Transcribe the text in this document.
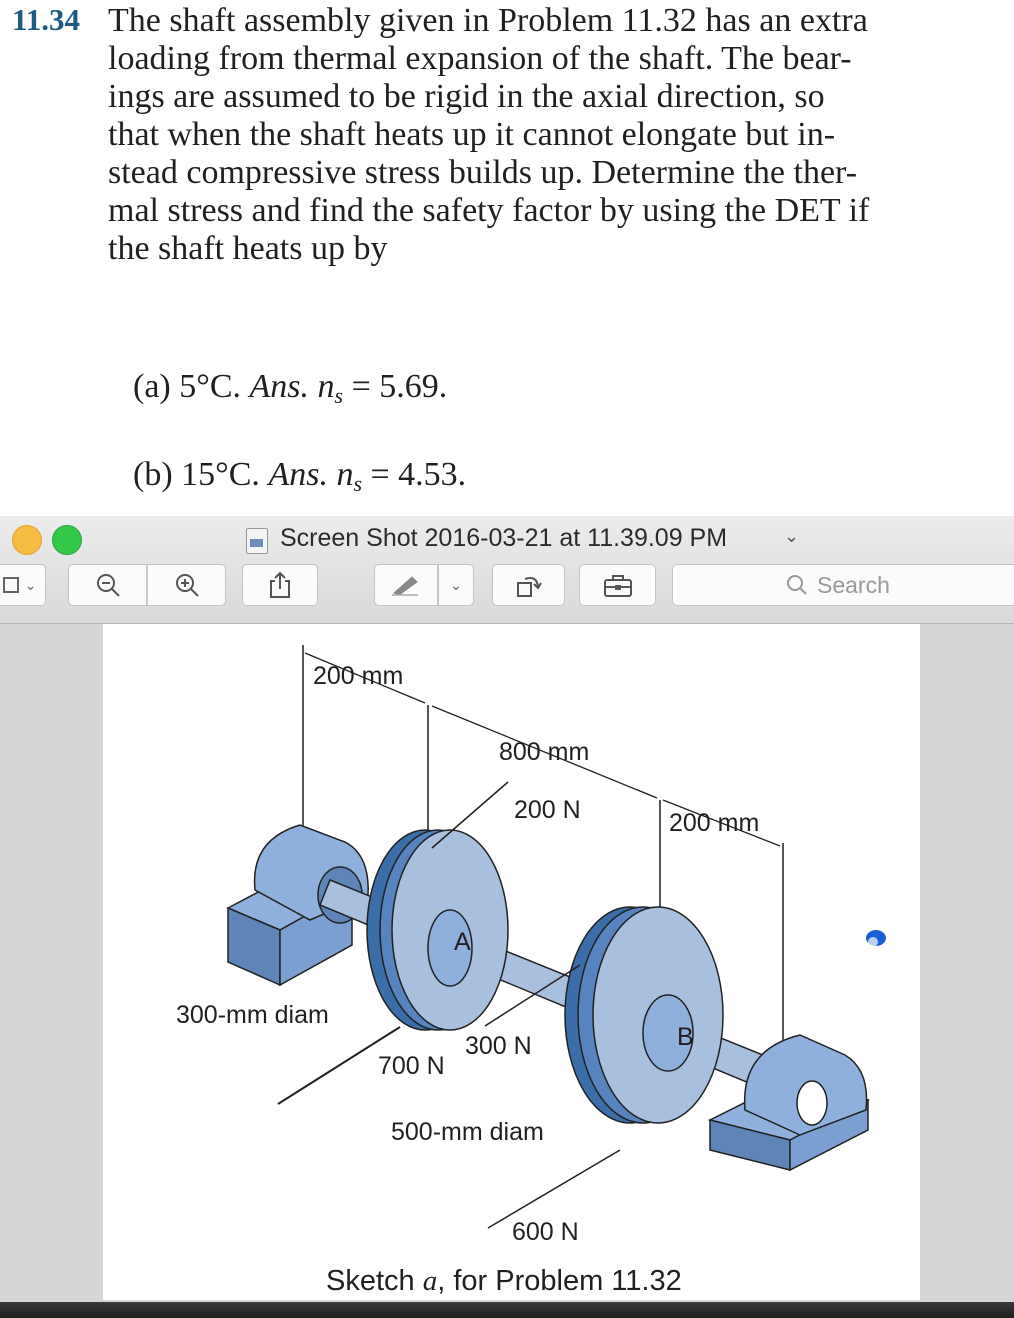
11.34 The shaft assembly given in Problem 11.32 has an extra
loading from thermal expansion of the shaft. The bear-
ings are assumed to be rigid in the axial direction, so
that when the shaft heats up it cannot elongate but in-
stead compressive stress builds up. Determine the ther-
mal stress and find the safety factor by using the DET if
the shaft heats up by
(a) 5°C. Ans. ns = 5.69.
(b) 15°C. Ans. ns = 4.53.
Screen Shot 2016-03-21 at 11.39.09 PM	⌄
⌄	⌄	Search
200 mm
800 mm
200 N	200 mm
A
300-mm diam
300 N
700 N
B
500-mm diam
600 N
Sketch a, for Problem 11.32
